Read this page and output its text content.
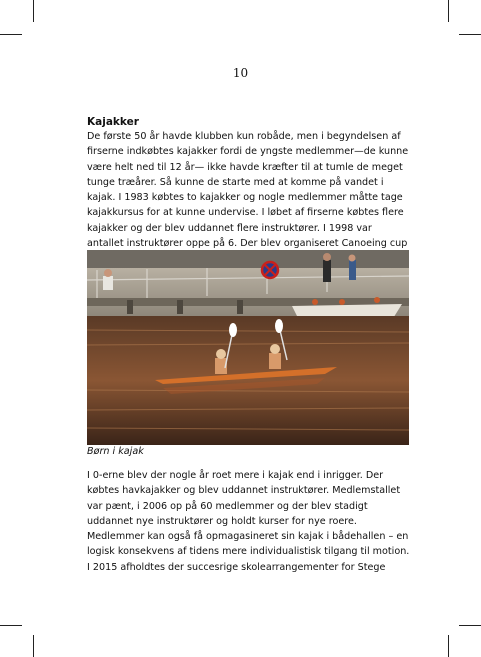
10
Kajakker
De første 50 år havde klubben kun robåde, men i begyndelsen af
firserne indkøbtes kajakker fordi de yngste medlemmer—de kunne
være helt ned til 12 år— ikke havde kræfter til at tumle de meget
tunge træårer. Så kunne de starte med at komme på vandet i
kajak. I 1983 købtes to kajakker og nogle medlemmer måtte tage
kajakkursus for at kunne undervise. I løbet af firserne købtes flere
kajakker og der blev uddannet flere instruktører. I 1998 var
antallet instruktører oppe på 6. Der blev organiseret Canoeing cup
Børn i kajak
I 0-erne blev der nogle år roet mere i kajak end i inrigger. Der
købtes havkajakker og blev uddannet instruktører. Medlemstallet
var pænt, i 2006 op på 60 medlemmer og der blev stadigt
uddannet nye instruktører og holdt kurser for nye roere.
Medlemmer kan også få opmagasineret sin kajak i bådehallen – en
logisk konsekvens af tidens mere individualistisk tilgang til motion.
I 2015 afholdtes der succesrige skolearrangementer for Stege
